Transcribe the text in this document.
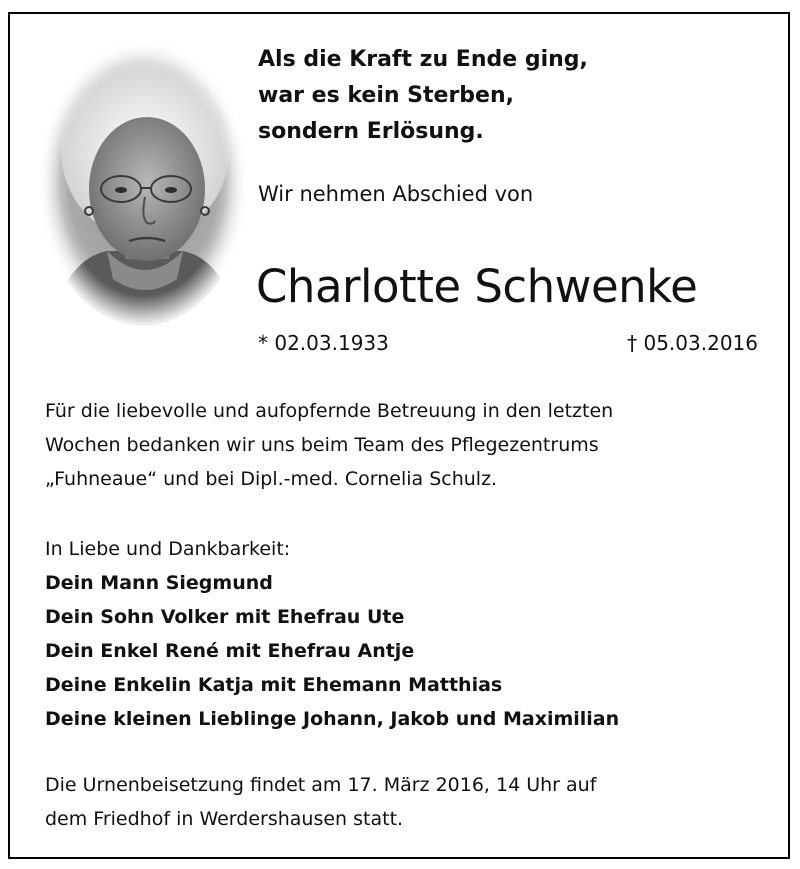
Als die Kraft zu Ende ging,
war es kein Sterben,
sondern Erlösung.
Wir nehmen Abschied von
Charlotte Schwenke
* 02.03.1933	† 05.03.2016
Für die liebevolle und aufopfernde Betreuung in den letzten
Wochen bedanken wir uns beim Team des Pflegezentrums
„Fuhneaue“ und bei Dipl.-med. Cornelia Schulz.
In Liebe und Dankbarkeit:
Dein Mann Siegmund
Dein Sohn Volker mit Ehefrau Ute
Dein Enkel René mit Ehefrau Antje
Deine Enkelin Katja mit Ehemann Matthias
Deine kleinen Lieblinge Johann, Jakob und Maximilian
Die Urnenbeisetzung findet am 17. März 2016, 14 Uhr auf
dem Friedhof in Werdershausen statt.
